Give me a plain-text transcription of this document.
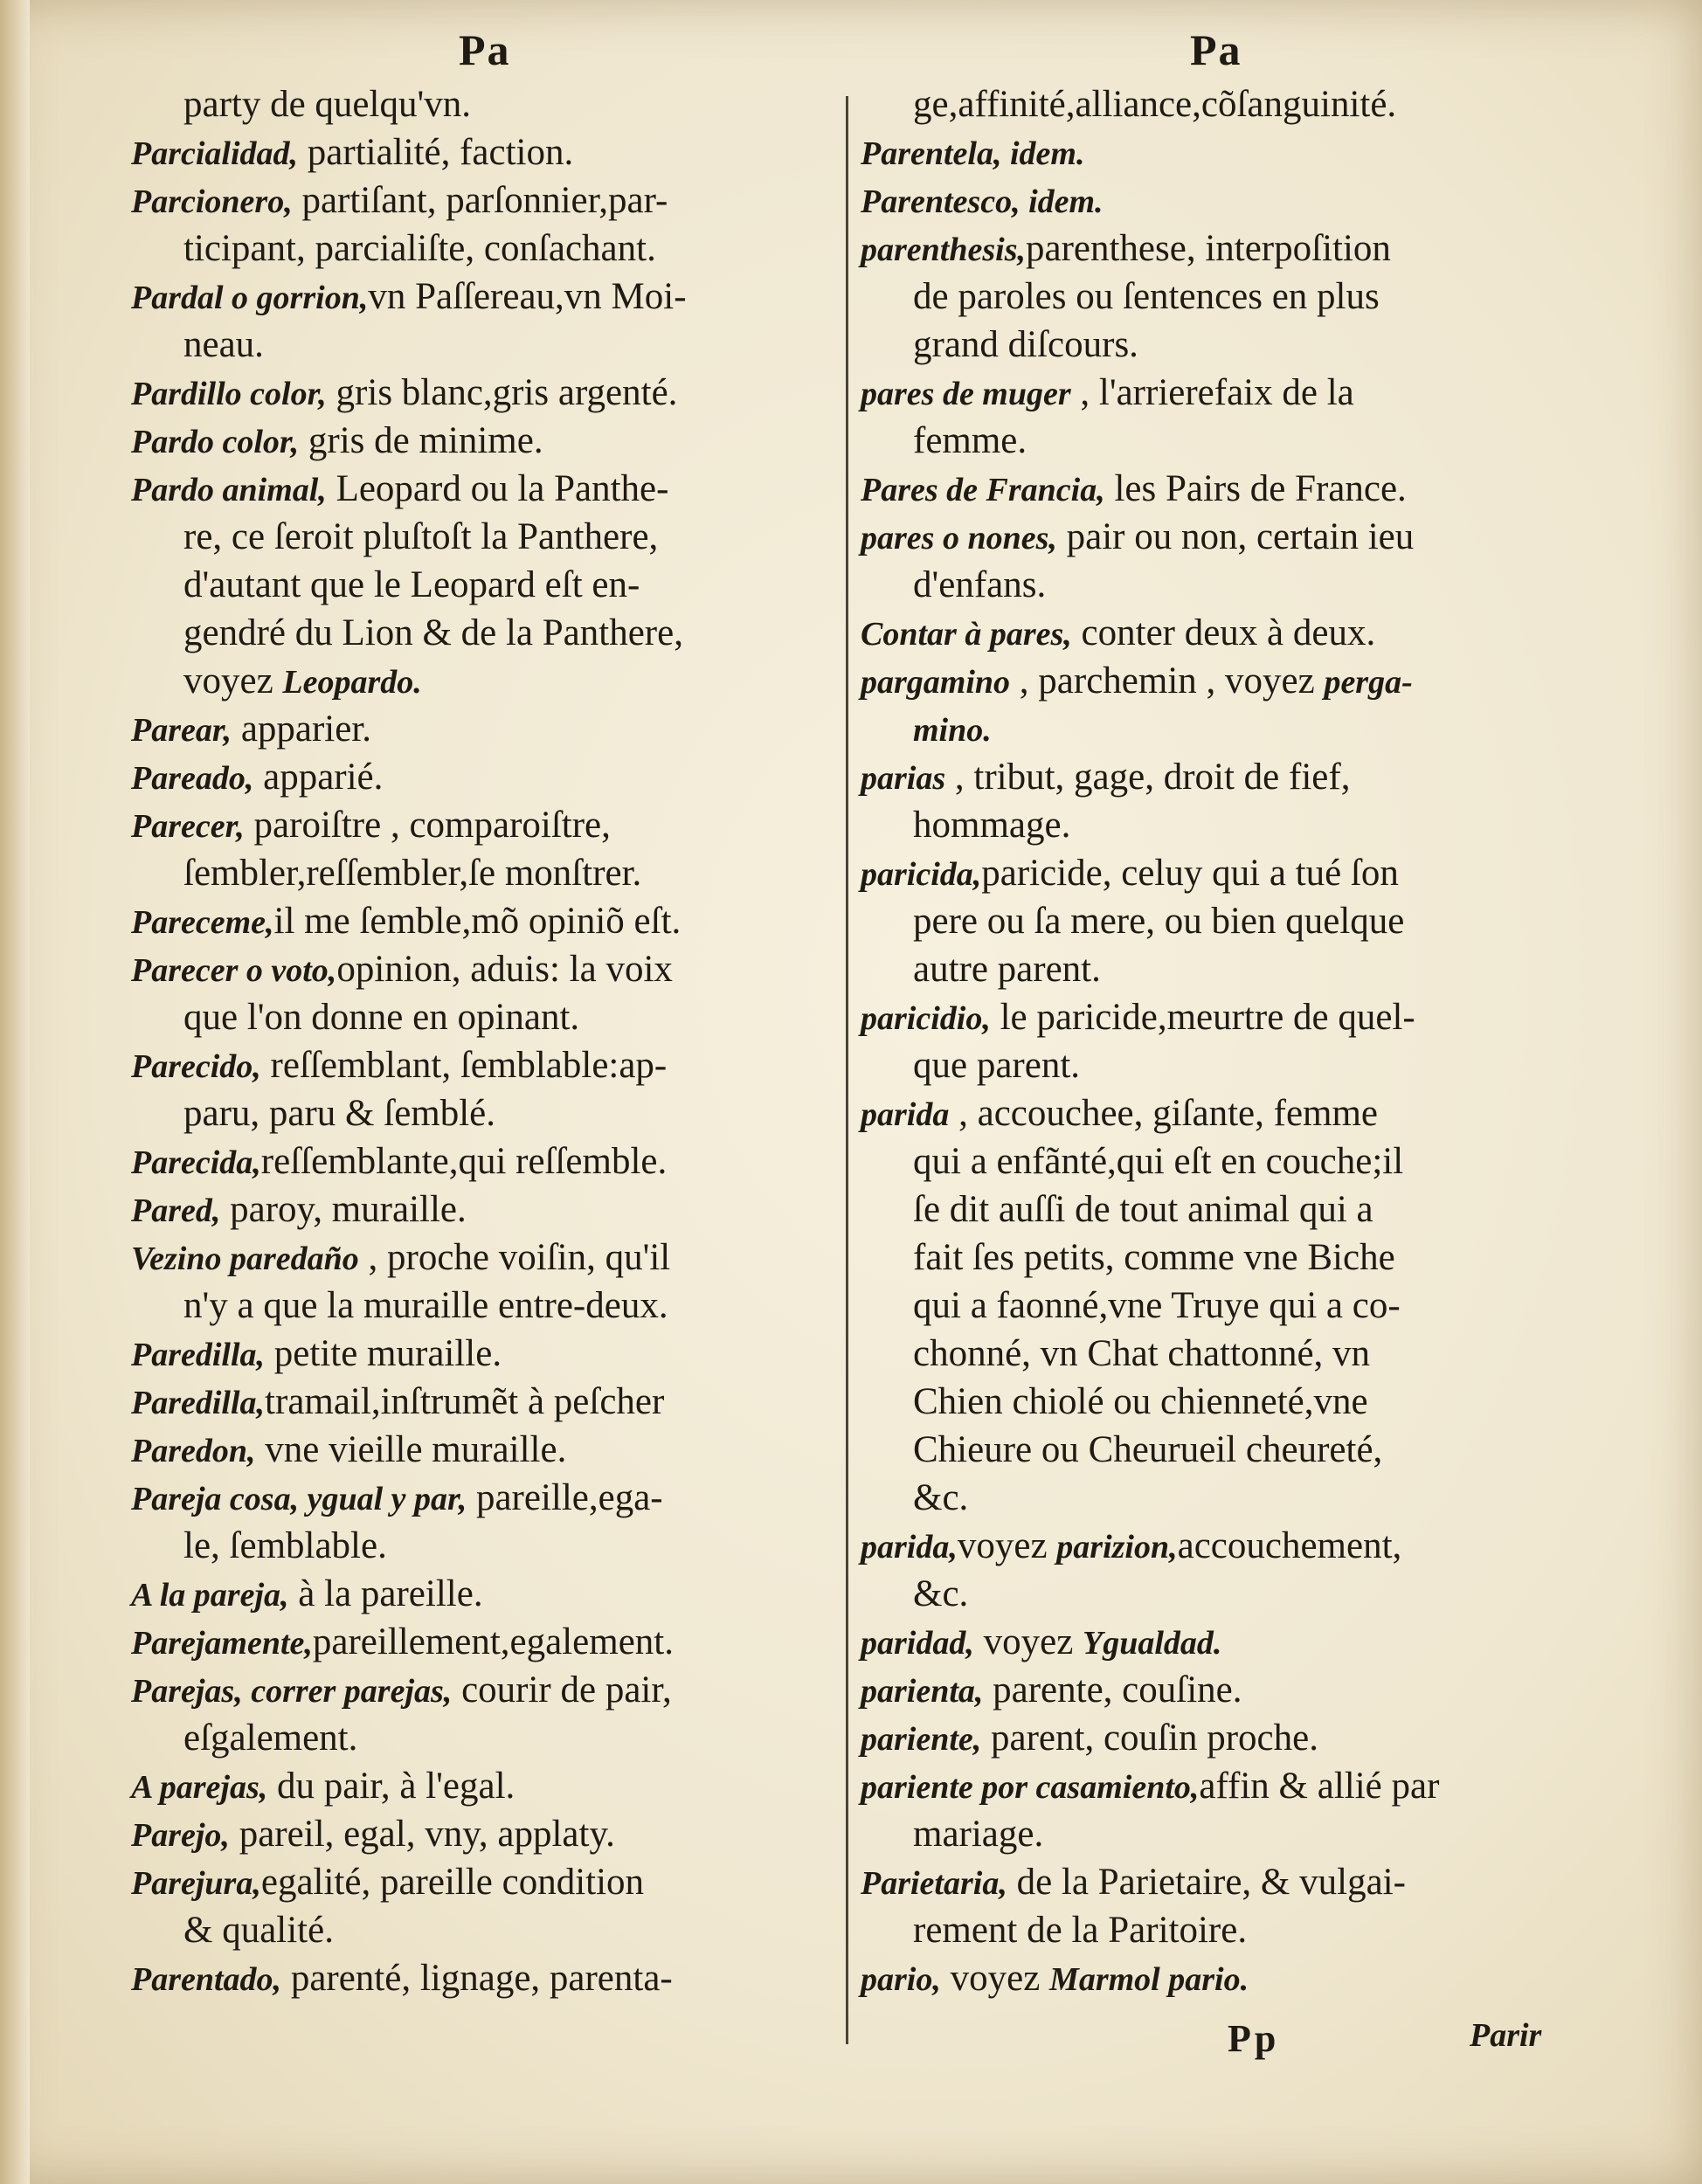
Pa	Pa
party de quelqu'vn.
Parcialidad, partialité, faction.
Parcionero, partiſant, parſonnier,par-
ticipant, parcialiſte, conſachant.
Pardal o gorrion,vn Paſſereau,vn Moi-
neau.
Pardillo color, gris blanc,gris argenté.
Pardo color, gris de minime.
Pardo animal, Leopard ou la Panthe-
re, ce ſeroit pluſtoſt la Panthere,
d'autant que le Leopard eſt en-
gendré du Lion & de la Panthere,
voyez Leopardo.
Parear, apparier.
Pareado, apparié.
Parecer, paroiſtre , comparoiſtre,
ſembler,reſſembler,ſe monſtrer.
Pareceme,il me ſemble,mõ opiniõ eſt.
Parecer o voto,opinion, aduis: la voix
que l'on donne en opinant.
Parecido, reſſemblant, ſemblable:ap-
paru, paru & ſemblé.
Parecida,reſſemblante,qui reſſemble.
Pared, paroy, muraille.
Vezino paredaño , proche voiſin, qu'il
n'y a que la muraille entre-deux.
Paredilla, petite muraille.
Paredilla,tramail,inſtrumẽt à peſcher
Paredon, vne vieille muraille.
Pareja cosa, ygual y par, pareille,ega-
le, ſemblable.
A la pareja, à la pareille.
Parejamente,pareillement,egalement.
Parejas, correr parejas, courir de pair,
eſgalement.
A parejas, du pair, à l'egal.
Parejo, pareil, egal, vny, applaty.
Parejura,egalité, pareille condition
& qualité.
Parentado, parenté, lignage, parenta-
ge,affinité,alliance,cõſanguinité.
Parentela, idem.
Parentesco, idem.
parenthesis,parenthese, interpoſition
de paroles ou ſentences en plus
grand diſcours.
pares de muger , l'arrierefaix de la
femme.
Pares de Francia, les Pairs de France.
pares o nones, pair ou non, certain ieu
d'enfans.
Contar à pares, conter deux à deux.
pargamino , parchemin , voyez perga-
mino.
parias , tribut, gage, droit de fief,
hommage.
paricida,paricide, celuy qui a tué ſon
pere ou ſa mere, ou bien quelque
autre parent.
paricidio, le paricide,meurtre de quel-
que parent.
parida , accouchee, giſante, femme
qui a enfãnté,qui eſt en couche;il
ſe dit auſſi de tout animal qui a
fait ſes petits, comme vne Biche
qui a faonné,vne Truye qui a co-
chonné, vn Chat chattonné, vn
Chien chiolé ou chienneté,vne
Chieure ou Cheurueil cheureté,
&c.
parida,voyez parizion,accouchement,
&c.
paridad, voyez Ygualdad.
parienta, parente, couſine.
pariente, parent, couſin proche.
pariente por casamiento,affin & allié par
mariage.
Parietaria, de la Parietaire, & vulgai-
rement de la Paritoire.
pario, voyez Marmol pario.
Pp	Parir
